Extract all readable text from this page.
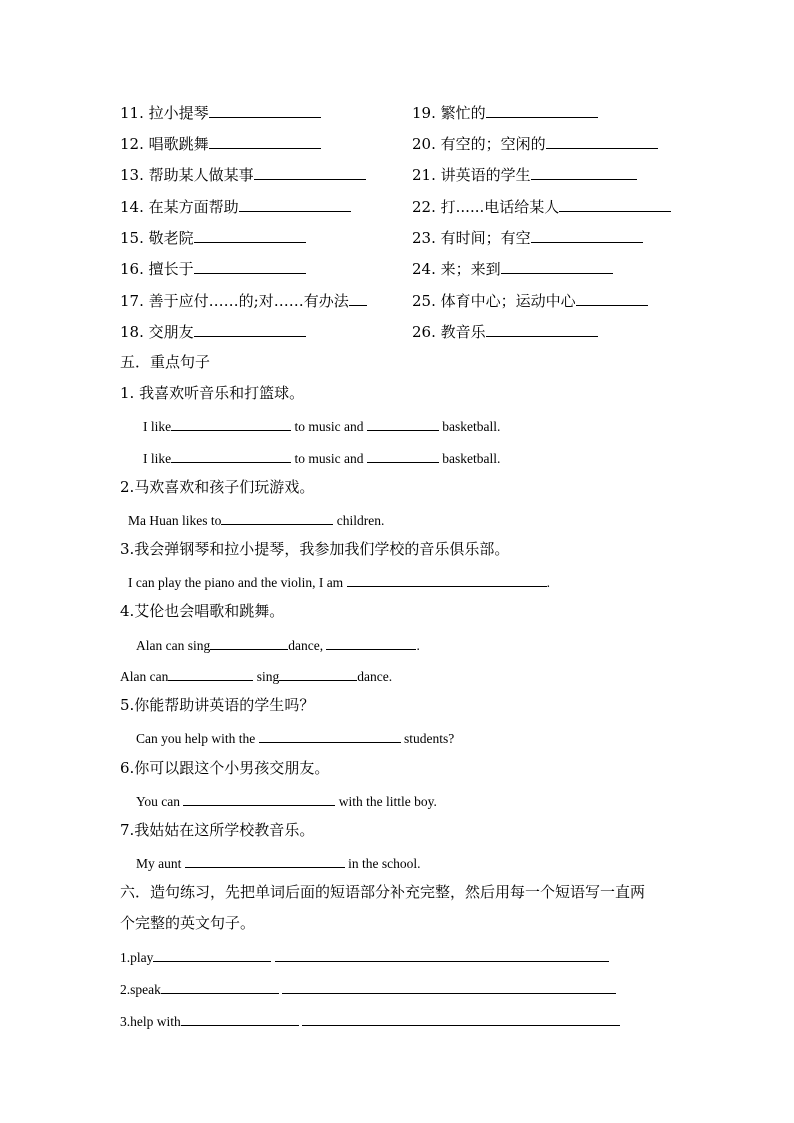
11. 拉小提琴
12. 唱歌跳舞
13. 帮助某人做某事
14. 在某方面帮助
15. 敬老院
16. 擅长于
17. 善于应付……的;对……有办法
18. 交朋友
19. 繁忙的
20. 有空的；空闲的
21. 讲英语的学生
22. 打......电话给某人
23. 有时间；有空
24. 来；来到
25. 体育中心；运动中心
26. 教音乐
五．重点句子
1. 我喜欢听音乐和打篮球。
I like	to music and	basketball.
I like	to music and	basketball.
2.马欢喜欢和孩子们玩游戏。
Ma Huan likes to	children.
3.我会弹钢琴和拉小提琴，我参加我们学校的音乐俱乐部。
I can play the piano and the violin, I am	.
4.艾伦也会唱歌和跳舞。
Alan can sing	dance,	.
Alan can	sing	dance.
5.你能帮助讲英语的学生吗？
Can you help with the	students?
6.你可以跟这个小男孩交朋友。
You can	with the little boy.
7.我姑姑在这所学校教音乐。
My aunt	in the school.
六．造句练习，先把单词后面的短语部分补充完整，然后用每一个短语写一直两
个完整的英文句子。
1.play
2.speak
3.help with
